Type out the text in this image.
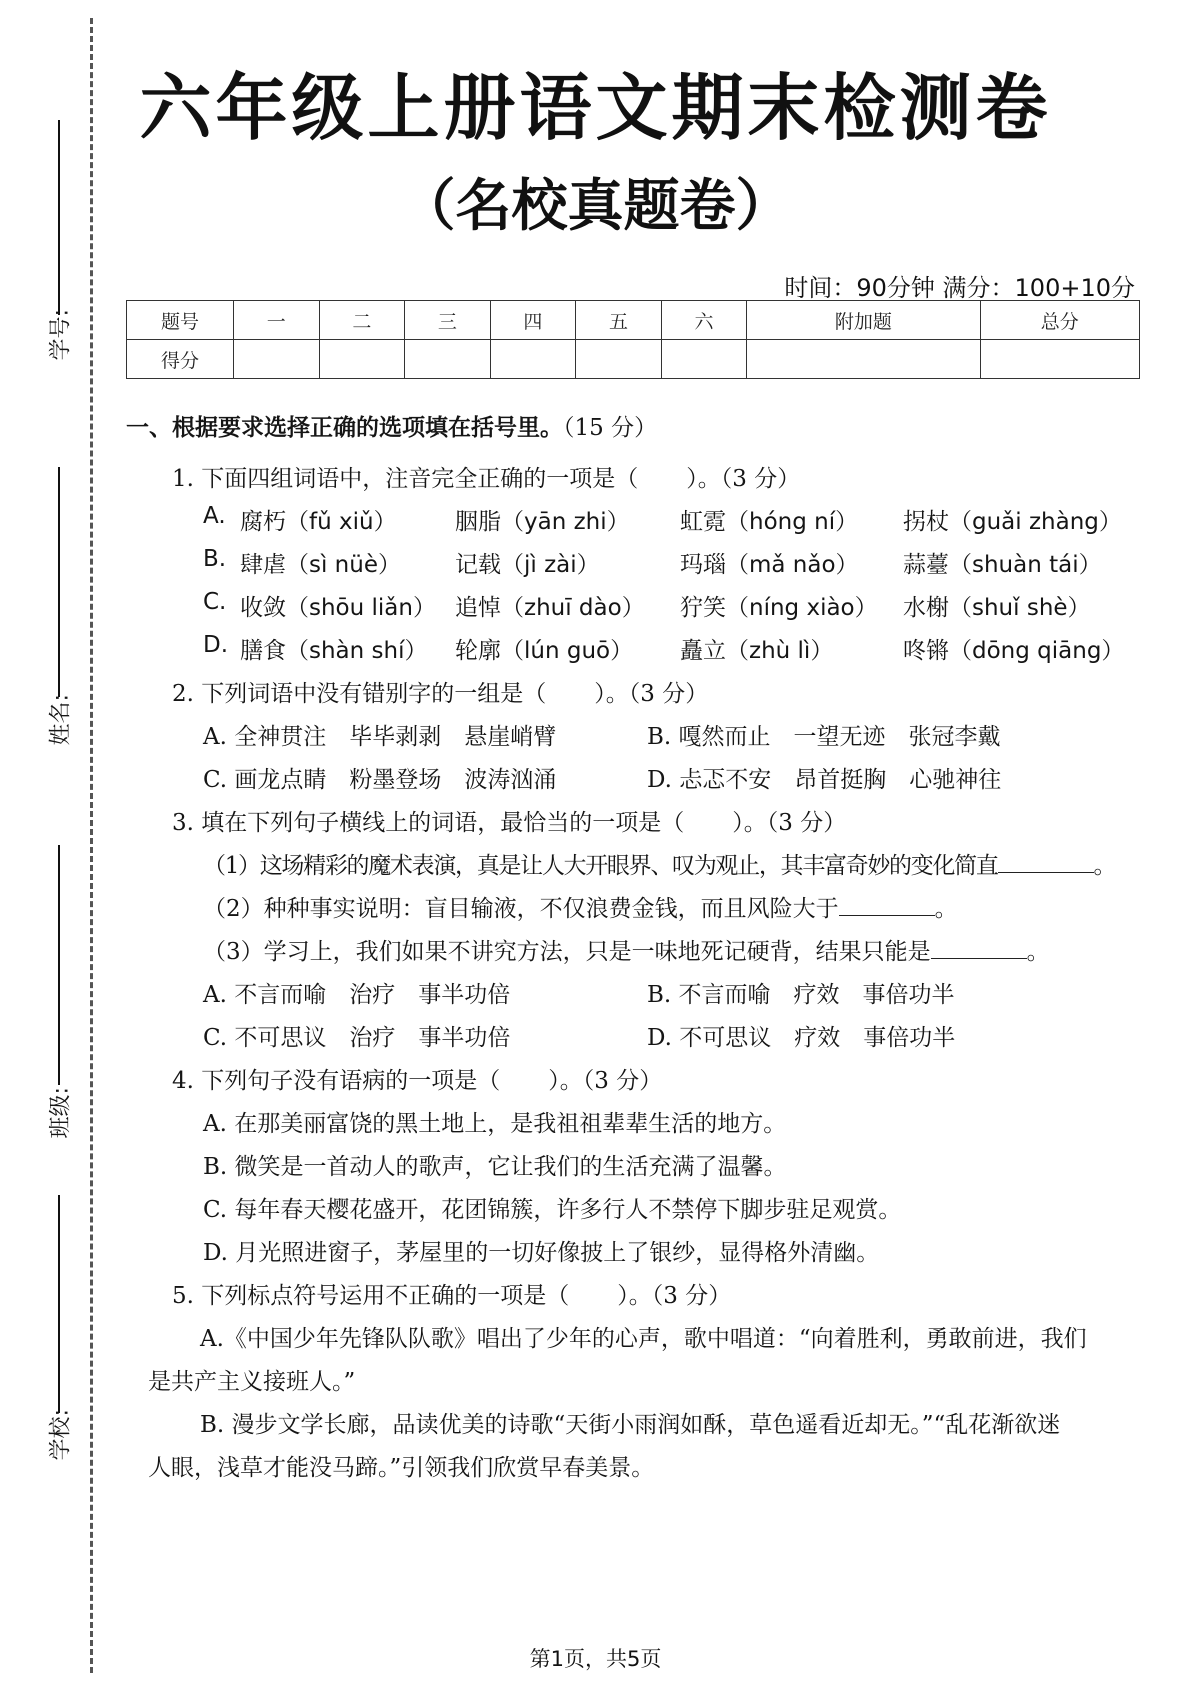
学号:
姓名:
班级:
学校:
六年级上册语文期末检测卷
（名校真题卷）
时间：90分钟 满分：100+10分
题号	一	二	三	四	五	六	附加题	总分
得分								
一、根据要求选择正确的选项填在括号里。（15 分）
1. 下面四组词语中，注音完全正确的一项是（ ）。（3 分）
A. 腐朽（fǔ xiǔ）	胭脂（yān zhi） 虹霓（hóng ní） 拐杖（guǎi zhàng）
B. 肆虐（sì nüè） 记载（jì zài）	玛瑙（mǎ nǎo） 蒜薹（shuàn tái）
C. 收敛（shōu liǎn） 追悼（zhuī dào） 狞笑（níng xiào） 水榭（shuǐ shè）
D. 膳食（shàn shí） 轮廓（lún guō） 矗立（zhù lì）	咚锵（dōng qiāng）
2. 下列词语中没有错别字的一组是（ ）。（3 分）
A. 全神贯注　毕毕剥剥　悬崖峭臂	B. 嘎然而止　一望无迹　张冠李戴
C. 画龙点睛　粉墨登场　波涛汹涌	D. 忐忑不安　昂首挺胸　心驰神往
3. 填在下列句子横线上的词语，最恰当的一项是（ ）。（3 分）
（1）这场精彩的魔术表演，真是让人大开眼界、叹为观止，其丰富奇妙的变化简直	。
（2）种种事实说明：盲目输液，不仅浪费金钱，而且风险大于	。
（3）学习上，我们如果不讲究方法，只是一味地死记硬背，结果只能是	。
A. 不言而喻　治疗　事半功倍	B. 不言而喻　疗效　事倍功半
C. 不可思议　治疗　事半功倍	D. 不可思议　疗效　事倍功半
4. 下列句子没有语病的一项是（ ）。（3 分）
A. 在那美丽富饶的黑土地上，是我祖祖辈辈生活的地方。
B. 微笑是一首动人的歌声，它让我们的生活充满了温馨。
C. 每年春天樱花盛开，花团锦簇，许多行人不禁停下脚步驻足观赏。
D. 月光照进窗子，茅屋里的一切好像披上了银纱，显得格外清幽。
5. 下列标点符号运用不正确的一项是（ ）。（3 分）
A.《中国少年先锋队队歌》唱出了少年的心声，歌中唱道：“向着胜利，勇敢前进，我们
是共产主义接班人。”
B. 漫步文学长廊，品读优美的诗歌“天街小雨润如酥，草色遥看近却无。”“乱花渐欲迷
人眼，浅草才能没马蹄。”引领我们欣赏早春美景。
第1页，共5页
